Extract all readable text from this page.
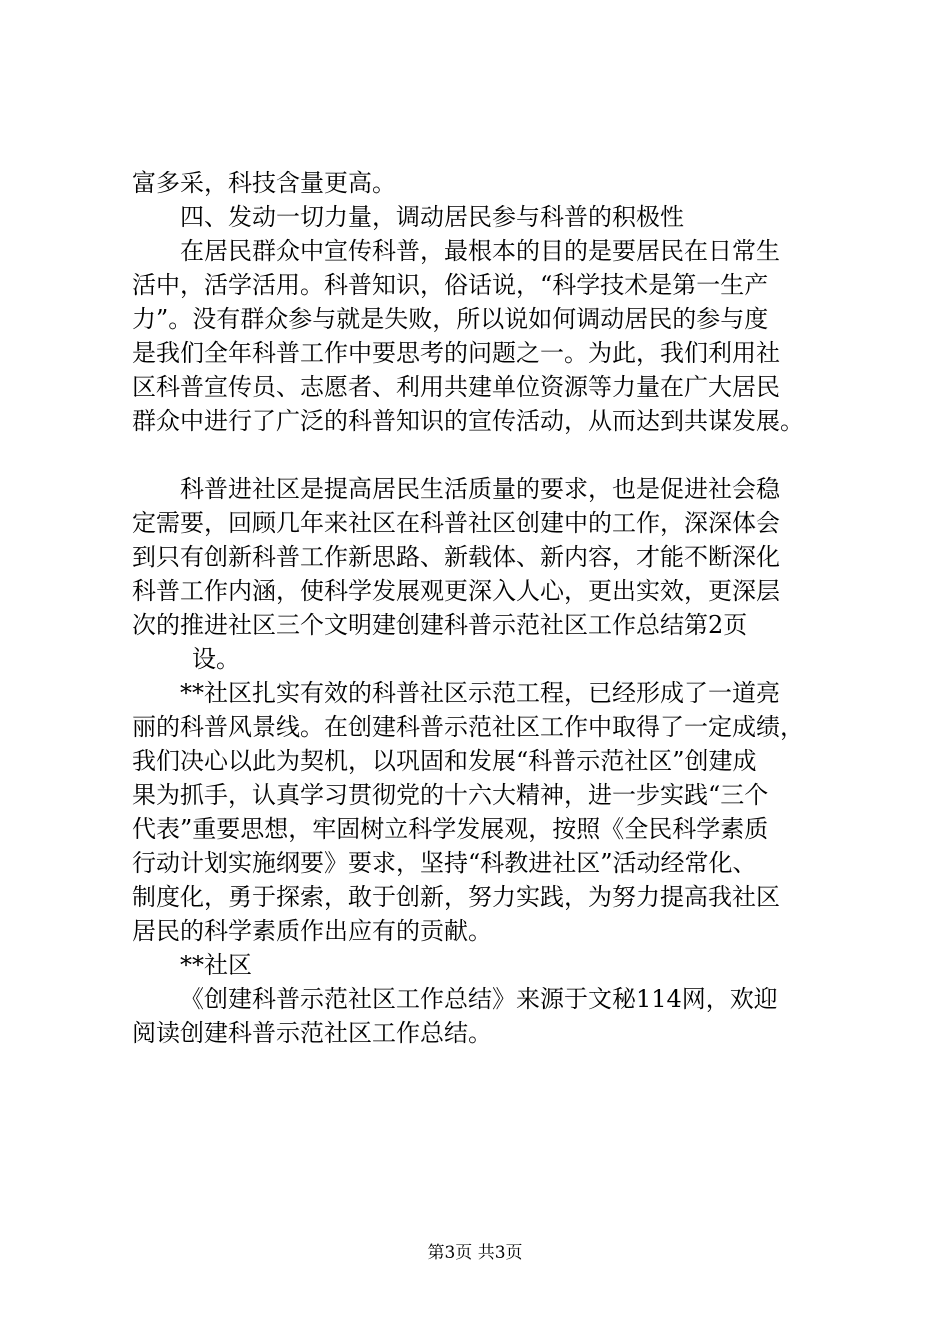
富多采，科技含量更高。
四、发动一切力量，调动居民参与科普的积极性
在居民群众中宣传科普，最根本的目的是要居民在日常生
活中，活学活用。科普知识，俗话说，“科学技术是第一生产
力”。没有群众参与就是失败，所以说如何调动居民的参与度
是我们全年科普工作中要思考的问题之一。为此，我们利用社
区科普宣传员、志愿者、利用共建单位资源等力量在广大居民
群众中进行了广泛的科普知识的宣传活动，从而达到共谋发展。
科普进社区是提高居民生活质量的要求，也是促进社会稳
定需要，回顾几年来社区在科普社区创建中的工作，深深体会
到只有创新科普工作新思路、新载体、新内容，才能不断深化
科普工作内涵，使科学发展观更深入人心，更出实效，更深层
次的推进社区三个文明建创建科普示范社区工作总结第2页
设。
**社区扎实有效的科普社区示范工程，已经形成了一道亮
丽的科普风景线。在创建科普示范社区工作中取得了一定成绩，
我们决心以此为契机，以巩固和发展“科普示范社区”创建成
果为抓手，认真学习贯彻党的十六大精神，进一步实践“三个
代表”重要思想，牢固树立科学发展观，按照《全民科学素质
行动计划实施纲要》要求，坚持“科教进社区”活动经常化、
制度化，勇于探索，敢于创新，努力实践，为努力提高我社区
居民的科学素质作出应有的贡献。
**社区
《创建科普示范社区工作总结》来源于文秘114网，欢迎
阅读创建科普示范社区工作总结。
第3页 共3页
